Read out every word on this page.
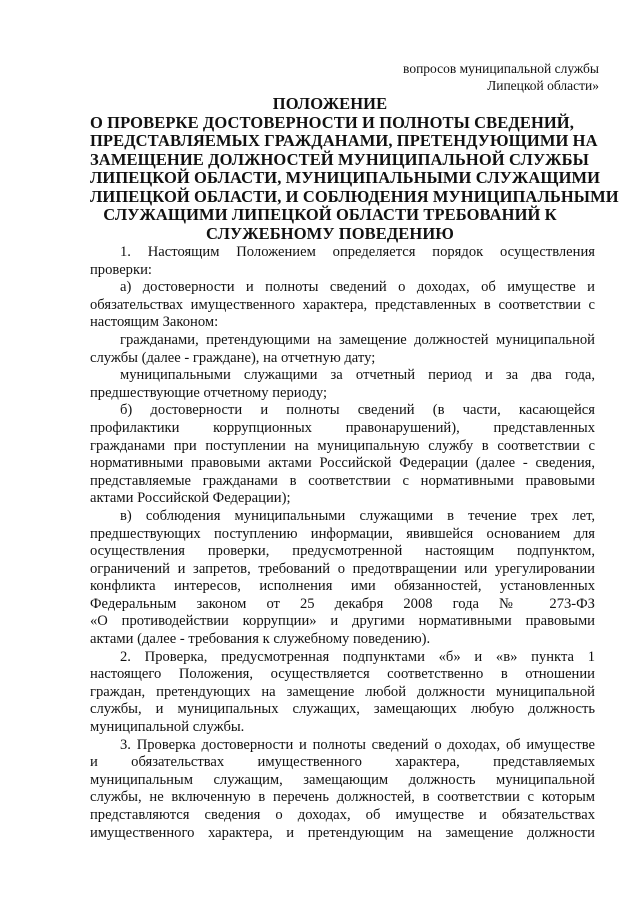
вопросов муниципальной службы
Липецкой области»
ПОЛОЖЕНИЕ
О ПРОВЕРКЕ ДОСТОВЕРНОСТИ И ПОЛНОТЫ СВЕДЕНИЙ,
ПРЕДСТАВЛЯЕМЫХ ГРАЖДАНАМИ, ПРЕТЕНДУЮЩИМИ НА
ЗАМЕЩЕНИЕ ДОЛЖНОСТЕЙ МУНИЦИПАЛЬНОЙ СЛУЖБЫ
ЛИПЕЦКОЙ ОБЛАСТИ, МУНИЦИПАЛЬНЫМИ СЛУЖАЩИМИ
ЛИПЕЦКОЙ ОБЛАСТИ, И СОБЛЮДЕНИЯ МУНИЦИПАЛЬНЫМИ
СЛУЖАЩИМИ ЛИПЕЦКОЙ ОБЛАСТИ ТРЕБОВАНИЙ К
СЛУЖЕБНОМУ ПОВЕДЕНИЮ
1. Настоящим Положением определяется порядок осуществления
проверки:
а) достоверности и полноты сведений о доходах, об имуществе и
обязательствах имущественного характера, представленных в соответствии с
настоящим Законом:
гражданами, претендующими на замещение должностей муниципальной
службы (далее - граждане), на отчетную дату;
муниципальными служащими за отчетный период и за два года,
предшествующие отчетному периоду;
б) достоверности и полноты сведений (в части, касающейся
профилактики коррупционных правонарушений), представленных
гражданами при поступлении на муниципальную службу в соответствии с
нормативными правовыми актами Российской Федерации (далее - сведения,
представляемые гражданами в соответствии с нормативными правовыми
актами Российской Федерации);
в) соблюдения муниципальными служащими в течение трех лет,
предшествующих поступлению информации, явившейся основанием для
осуществления проверки, предусмотренной настоящим подпунктом,
ограничений и запретов, требований о предотвращении или урегулировании
конфликта интересов, исполнения ими обязанностей, установленных
Федеральным законом от 25 декабря 2008 года № 273-ФЗ
«О противодействии коррупции» и другими нормативными правовыми
актами (далее - требования к служебному поведению).
2. Проверка, предусмотренная подпунктами «б» и «в» пункта 1
настоящего Положения, осуществляется соответственно в отношении
граждан, претендующих на замещение любой должности муниципальной
службы, и муниципальных служащих, замещающих любую должность
муниципальной службы.
3. Проверка достоверности и полноты сведений о доходах, об имуществе
и обязательствах имущественного характера, представляемых
муниципальным служащим, замещающим должность муниципальной
службы, не включенную в перечень должностей, в соответствии с которым
представляются сведения о доходах, об имуществе и обязательствах
имущественного характера, и претендующим на замещение должности
